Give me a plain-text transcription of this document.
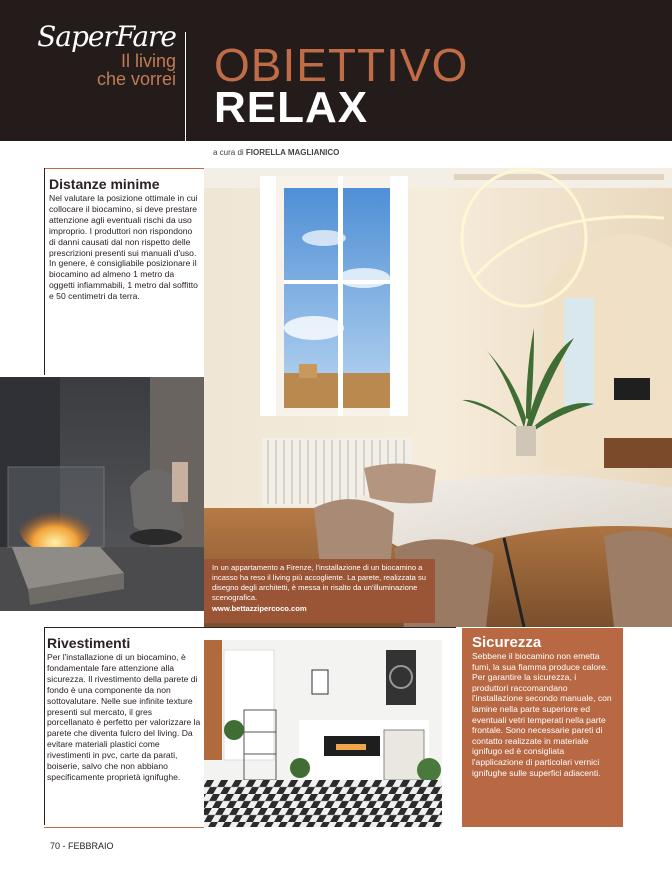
SaperFare
Il living
che vorrei OBIETTIVO
RELAX
a cura di FIORELLA MAGLIANICO
Distanze minime
Nel valutare la posizione ottimale in cui collocare il biocamino, si deve prestare attenzione agli eventuali rischi da uso improprio. I produttori non rispondono di danni causati dal non rispetto delle prescrizioni presenti sui manuali d'uso. In genere, è consigliabile posizionare il biocamino ad almeno 1 metro da oggetti infiammabili, 1 metro dal soffitto e 50 centimetri da terra.
In un appartamento a Firenze, l'installazione di un biocamino a incasso ha reso il living più accogliente. La parete, realizzata su disegno degli architetti, è messa in risalto da un'illuminazione scenografica.
www.bettazzipercoco.com
Rivestimenti
Per l'installazione di un biocamino, è fondamentale fare attenzione alla sicurezza. Il rivestimento della parete di fondo è una componente da non sottovalutare. Nelle sue infinite texture presenti sul mercato, il gres porcellanato è perfetto per valorizzare la parete che diventa fulcro del living. Da evitare materiali plastici come rivestimenti in pvc, carte da parati, boiserie, salvo che non abbiano specificamente proprietà ignifughe.
Sicurezza
Sebbene il biocamino non emetta fumi, la sua fiamma produce calore. Per garantire la sicurezza, i produttori raccomandano l'installazione secondo manuale, con lamine nella parte superiore ed eventuali vetri temperati nella parte frontale. Sono necessarie pareti di contatto realizzate in materiale ignifugo ed è consigliata l'applicazione di particolari vernici ignifughe sulle superfici adiacenti.
70 - FEBBRAIO
